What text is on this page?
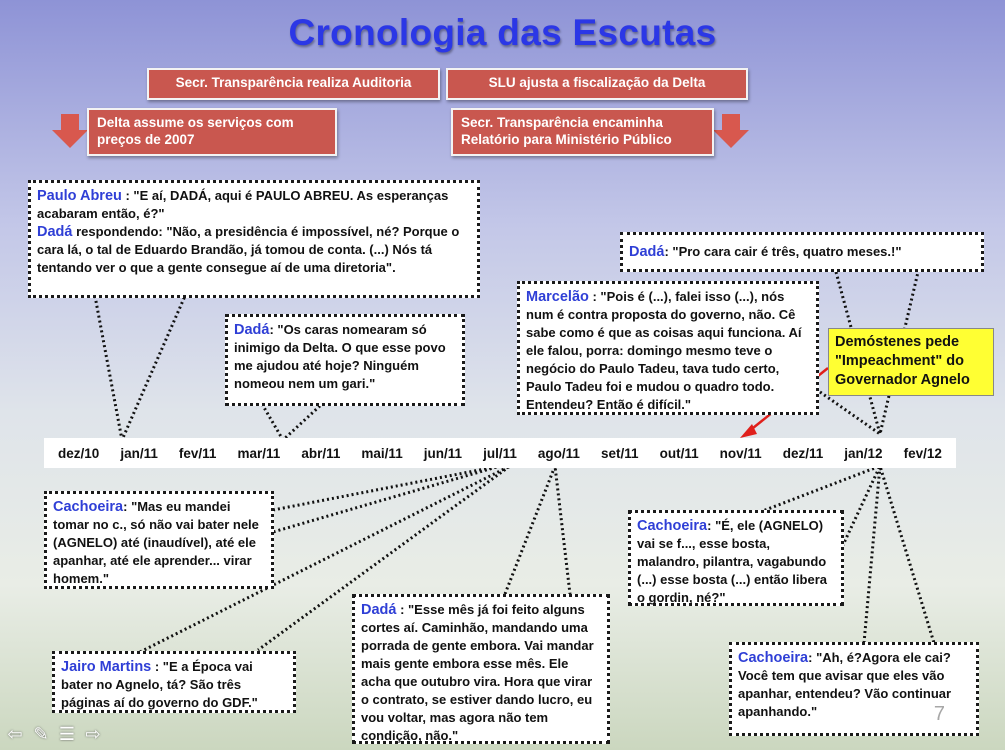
Cronologia das Escutas
Secr. Transparência realiza Auditoria	SLU ajusta a fiscalização da Delta
Delta assume os serviços com
preços de 2007
Secr. Transparência encaminha
Relatório para Ministério Público
Paulo Abreu : "E aí, DADÁ, aqui é PAULO ABREU. As esperanças acabaram então, é?"
Dadá respondendo: "Não, a presidência é impossível, né? Porque o cara lá, o tal de Eduardo Brandão, já tomou de conta. (...) Nós tá tentando ver o que a gente consegue aí de uma diretoria".
Dadá: "Os caras nomearam só inimigo da Delta. O que esse povo me ajudou até hoje? Ninguém nomeou nem um gari."
Dadá: "Pro cara cair é três, quatro meses.!"
Marcelão : "Pois é (...), falei isso (...), nós num é contra proposta do governo, não. Cê sabe como é que as coisas aqui funciona. Aí ele falou, porra: domingo mesmo teve o negócio do Paulo Tadeu, tava tudo certo, Paulo Tadeu foi e mudou o quadro todo. Entendeu? Então é difícil."
Demóstenes pede "Impeachment" do Governador Agnelo
dez/10 jan/11 fev/11 mar/11 abr/11 mai/11 jun/11 jul/11 ago/11 set/11 out/11 nov/11 dez/11 jan/12 fev/12
Cachoeira: "Mas eu mandei tomar no c., só não vai bater nele (AGNELO) até (inaudível), até ele apanhar, até ele aprender... virar homem."
Cachoeira: "É, ele (AGNELO) vai se f..., esse bosta, malandro, pilantra, vagabundo (...) esse bosta (...) então libera o gordin, né?"
Jairo Martins : "E a Época vai bater no Agnelo, tá? São três páginas aí do governo do GDF."
Dadá : "Esse mês já foi feito alguns cortes aí. Caminhão, mandando uma porrada de gente embora. Vai mandar mais gente embora esse mês. Ele acha que outubro vira. Hora que virar o contrato, se estiver dando lucro, eu vou voltar, mas agora não tem condição, não."
Cachoeira: "Ah, é?Agora ele cai? Você tem que avisar que eles vão apanhar, entendeu? Vão continuar apanhando."	7
⇦ ✎ ☰ ⇨
